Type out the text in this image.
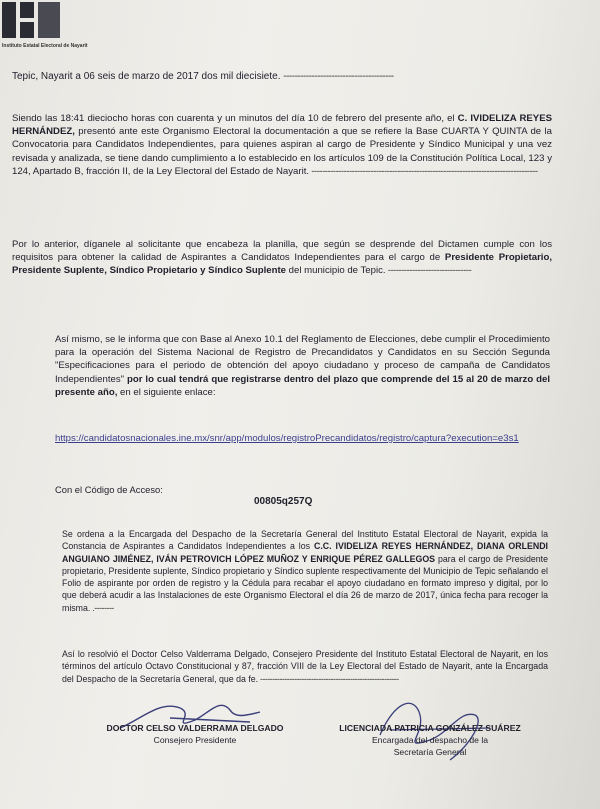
Instituto Estatal Electoral de Nayarit
Tepic, Nayarit a 06 seis de marzo de 2017 dos mil diecisiete. ---------------------------------------
Siendo las 18:41 dieciocho horas con cuarenta y un minutos del día 10 de febrero del presente año, el C. IVIDELIZA REYES HERNÁNDEZ, presentó ante este Organismo Electoral la documentación a que se refiere la Base CUARTA Y QUINTA de la Convocatoria para Candidatos Independientes, para quienes aspiran al cargo de Presidente y Síndico Municipal y una vez revisada y analizada, se tiene dando cumplimiento a lo establecido en los artículos 109 de la Constitución Política Local, 123 y 124, Apartado B, fracción II, de la Ley Electoral del Estado de Nayarit. ------------------------------------------------------------------------------------
Por lo anterior, díganele al solicitante que encabeza la planilla, que según se desprende del Dictamen cumple con los requisitos para obtener la calidad de Aspirantes a Candidatos Independientes para el cargo de Presidente Propietario, Presidente Suplente, Síndico Propietario y Síndico Suplente del municipio de Tepic. -------------------------------
Así mismo, se le informa que con Base al Anexo 10.1 del Reglamento de Elecciones, debe cumplir el Procedimiento para la operación del Sistema Nacional de Registro de Precandidatos y Candidatos en su Sección Segunda "Especificaciones para el periodo de obtención del apoyo ciudadano y proceso de campaña de Candidatos Independientes" por lo cual tendrá que registrarse dentro del plazo que comprende del 15 al 20 de marzo del presente año, en el siguiente enlace:
https://candidatosnacionales.ine.mx/snr/app/modulos/registroPrecandidatos/registro/captura?execution=e3s1
Con el Código de Acceso:
00805q257Q
Se ordena a la Encargada del Despacho de la Secretaría General del Instituto Estatal Electoral de Nayarit, expida la Constancia de Aspirantes a Candidatos Independientes a los C.C. IVIDELIZA REYES HERNÁNDEZ, DIANA ORLENDI ANGUIANO JIMÉNEZ, IVÁN PETROVICH LÓPEZ MUÑOZ Y ENRIQUE PÉREZ GALLEGOS para el cargo de Presidente propietario, Presidente suplente, Síndico propietario y Síndico suplente respectivamente del Municipio de Tepic señalando el Folio de aspirante por orden de registro y la Cédula para recabar el apoyo ciudadano en formato impreso y digital, por lo que deberá acudir a las Instalaciones de este Organismo Electoral el día 26 de marzo de 2017, única fecha para recoger la misma. .--------
Así lo resolvió el Doctor Celso Valderrama Delgado, Consejero Presidente del Instituto Estatal Electoral de Nayarit, en los términos del artículo Octavo Constitucional y 87, fracción VIII de la Ley Electoral del Estado de Nayarit, ante la Encargada del Despacho de la Secretaría General, que da fe. ---------------------------------------------------------
DOCTOR CELSO VALDERRAMA DELGADO
Consejero Presidente
LICENCIADA PATRICIA GONZÁLEZ SUÁREZ
Encargada del despacho de la
Secretaría General
